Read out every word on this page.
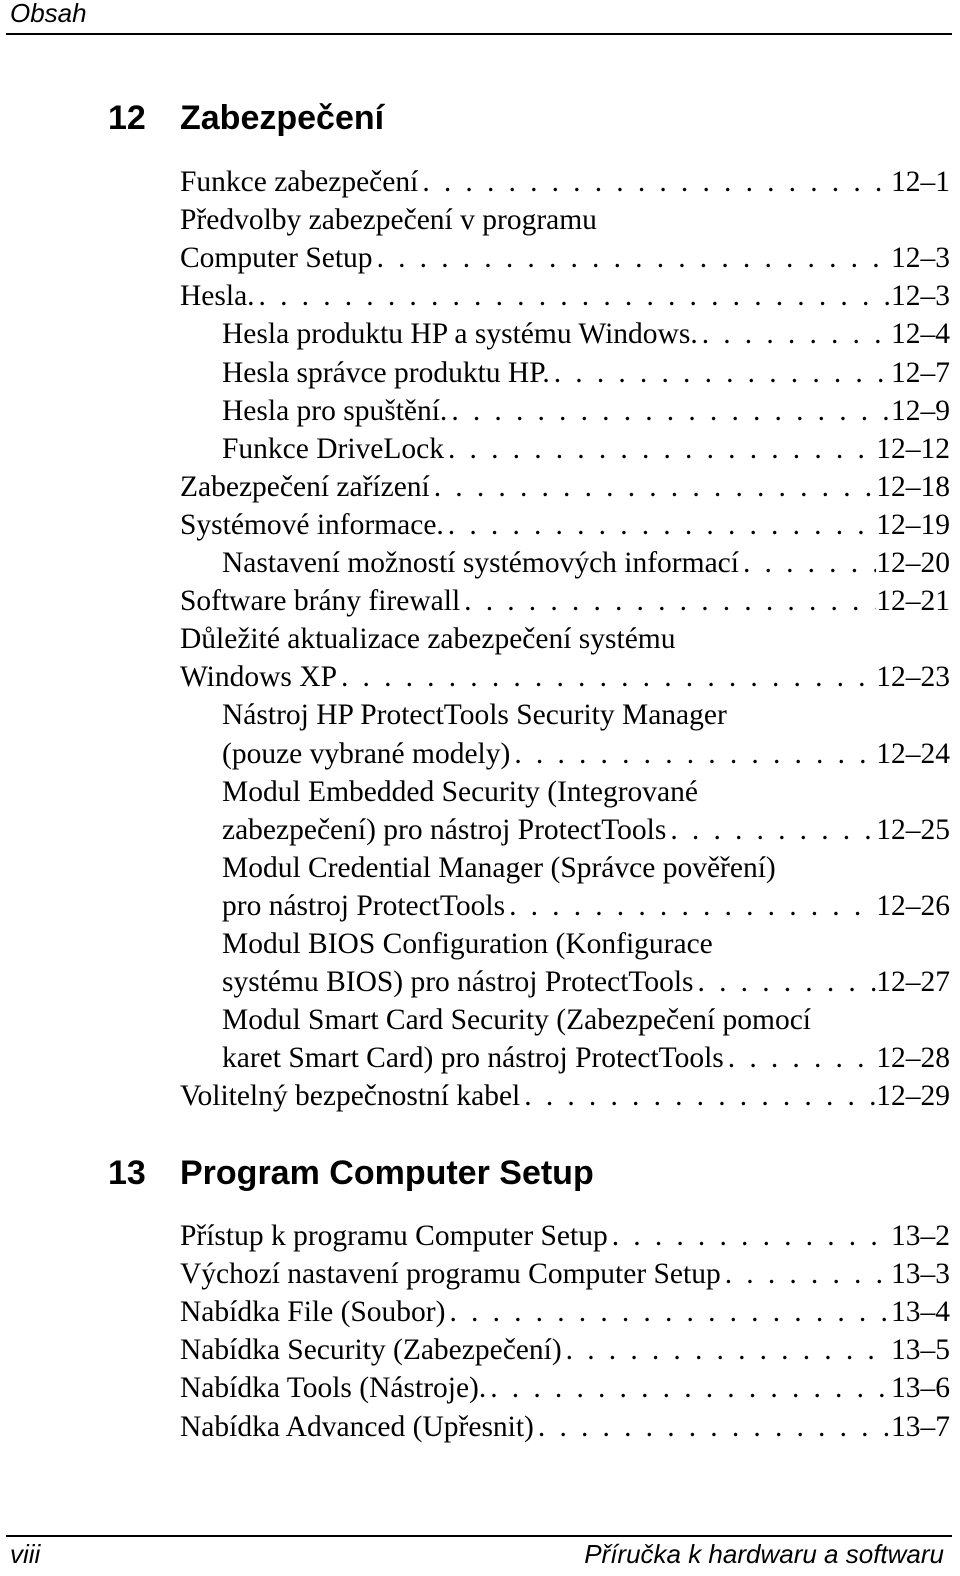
Obsah
12 Zabezpečení
13 Program Computer Setup
Funkce zabezpečení . . .	12–1
Předvolby zabezpečení v programu
Computer Setup . . .	12–3
Hesla. . . .	12–3
Hesla produktu HP a systému Windows. . . .	12–4
Hesla správce produktu HP. . . .	12–7
Hesla pro spuštění. . . .	12–9
Funkce DriveLock . . .	12–12
Zabezpečení zařízení . . .	12–18
Systémové informace. . . .	12–19
Nastavení možností systémových informací . . .	12–20
Software brány firewall . . .	12–21
Důležité aktualizace zabezpečení systému
Windows XP . . .	12–23
Nástroj HP ProtectTools Security Manager
(pouze vybrané modely) . . .	12–24
Modul Embedded Security (Integrované
zabezpečení) pro nástroj ProtectTools . . .	12–25
Modul Credential Manager (Správce pověření)
pro nástroj ProtectTools . . .	12–26
Modul BIOS Configuration (Konfigurace
systému BIOS) pro nástroj ProtectTools . . .	12–27
Modul Smart Card Security (Zabezpečení pomocí
karet Smart Card) pro nástroj ProtectTools . . .	12–28
Volitelný bezpečnostní kabel . . .	12–29
Přístup k programu Computer Setup . . .	13–2
Výchozí nastavení programu Computer Setup . . .	13–3
Nabídka File (Soubor) . . .	13–4
Nabídka Security (Zabezpečení) . . .	13–5
Nabídka Tools (Nástroje). . . .	13–6
Nabídka Advanced (Upřesnit) . . .	13–7
viii	Příručka k hardwaru a softwaru
